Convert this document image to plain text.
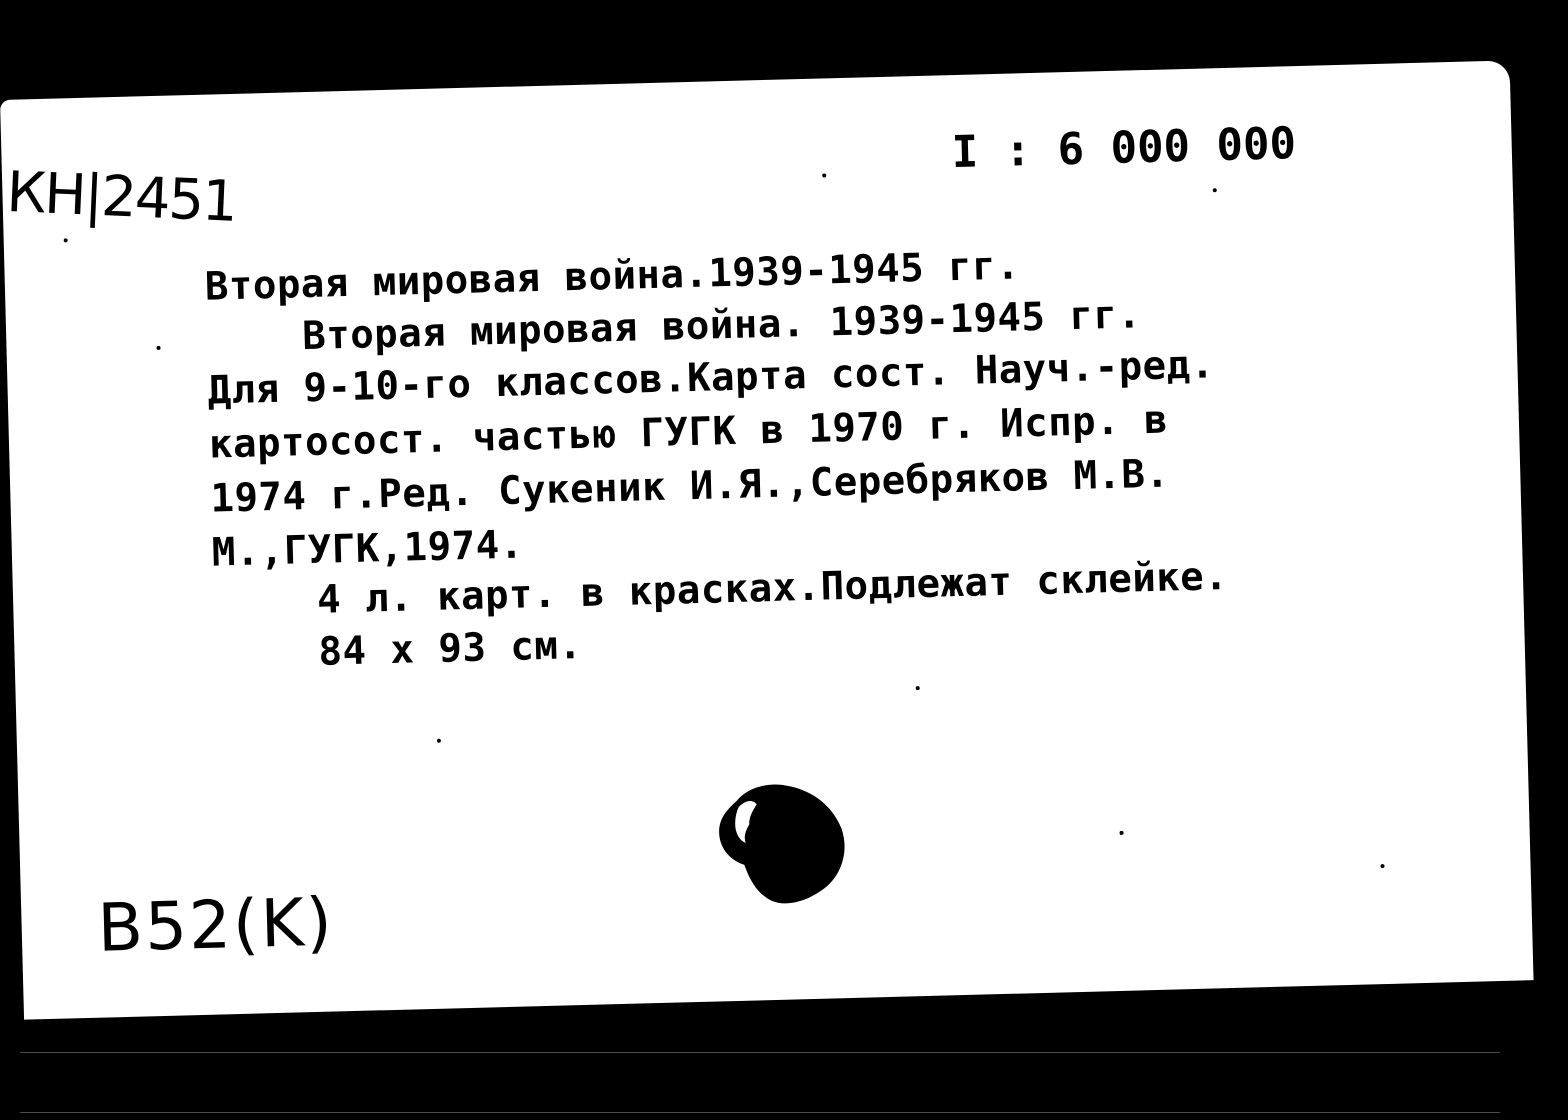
КН|2451
I : 6 000 000
Вторая мировая война.1939-1945 гг.
Вторая мировая война. 1939-1945 гг.
Для 9-10-го классов.Карта сост. Науч.-ред.
картосост. частью ГУГК в 1970 г. Испр. в
1974 г.Ред. Сукеник И.Я.,Серебряков М.В.
М.,ГУГК,1974.
4 л. карт. в красках.Подлежат склейке.
84 х 93 см.
B52(K)
